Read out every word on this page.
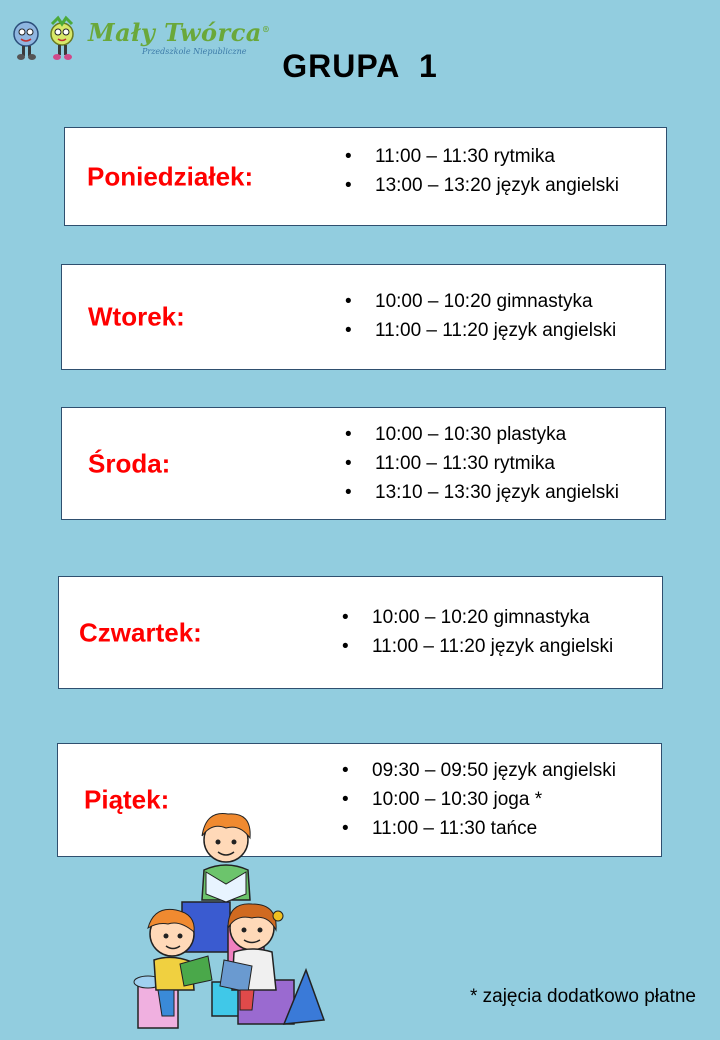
Mały Twórca®
Przedszkole Niepubliczne	GRUPA  1
Poniedziałek:
• 11:00 – 11:30 rytmika
• 13:00 – 13:20 język angielski
Wtorek:	• 10:00 – 10:20 gimnastyka
• 11:00 – 11:20 język angielski
Środa:
• 10:00 – 10:30 plastyka
• 11:00 – 11:30 rytmika
• 13:10 – 13:30 język angielski
Czwartek:	• 10:00 – 10:20 gimnastyka
• 11:00 – 11:20 język angielski
Piątek:
• 09:30 – 09:50 język angielski
• 10:00 – 10:30 joga *
• 11:00 – 11:30 tańce
* zajęcia dodatkowo płatne
